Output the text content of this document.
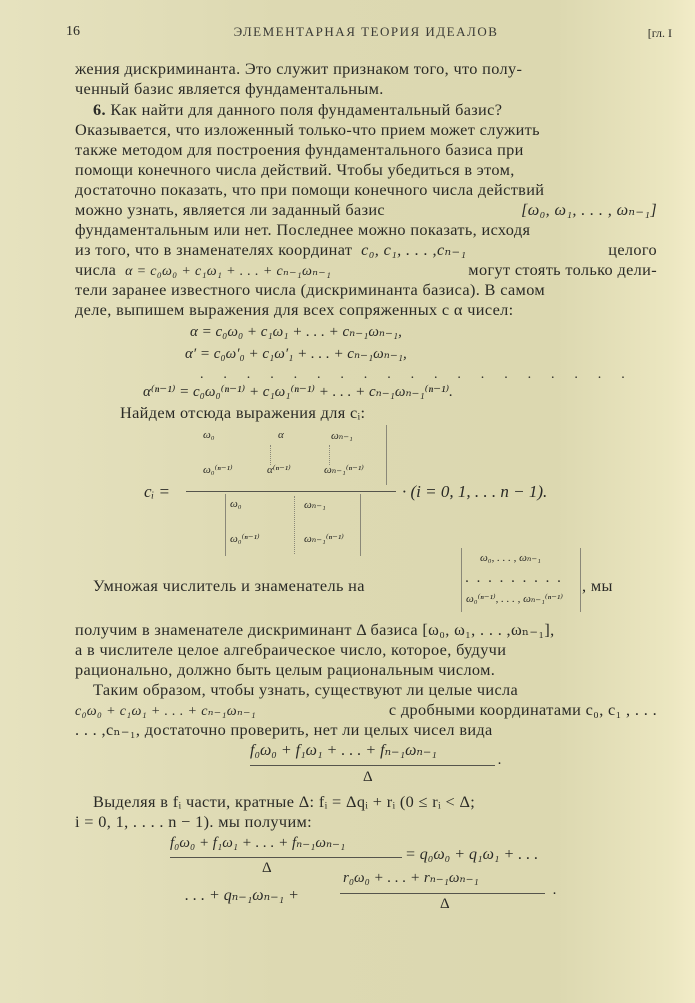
16	ЭЛЕМЕНТАРНАЯ ТЕОРИЯ ИДЕАЛОВ	[гл. I
жения дискриминанта. Это служит признаком того, что полу-
ченный базис является фундаментальным.
6. Как найти для данного поля фундаментальный базис?
Оказывается, что изложенный только-что прием может служить
также методом для построения фундаментального базиса при
помощи конечного числа действий. Чтобы убедиться в этом,
достаточно показать, что при помощи конечного числа действий
можно узнать, является ли заданный базис	[ω₀, ω₁, . . . , ωₙ₋₁]
фундаментальным или нет. Последнее можно показать, исходя
из того, что в знаменателях координат c₀, c₁, . . . ,cₙ₋₁	целого
числа α = c₀ω₀ + c₁ω₁ + . . . + cₙ₋₁ωₙ₋₁	могут стоять только дели-
тели заранее известного числа (дискриминанта базиса). В самом
деле, выпишем выражения для всех сопряженных с α чисел:
α = c₀ω₀ + c₁ω₁ + . . . + cₙ₋₁ωₙ₋₁,
α′ = c₀ω′₀ + c₁ω′₁ + . . . + cₙ₋₁ωₙ₋₁,
. . . . . . . . . . . . . . . . . . .
α⁽ⁿ⁻¹⁾ = c₀ω₀⁽ⁿ⁻¹⁾ + c₁ω₁⁽ⁿ⁻¹⁾ + . . . + cₙ₋₁ωₙ₋₁⁽ⁿ⁻¹⁾.
Найдем отсюда выражения для cᵢ:
cᵢ =
ω₀	α	ωₙ₋₁
ω₀⁽ⁿ⁻¹⁾	α⁽ⁿ⁻¹⁾	ωₙ₋₁⁽ⁿ⁻¹⁾
ω₀	ωₙ₋₁
ω₀⁽ⁿ⁻¹⁾	ωₙ₋₁⁽ⁿ⁻¹⁾
· (i = 0, 1, . . . n − 1).
Умножая числитель и знаменатель на
ω₀, . . . , ωₙ₋₁
. . . . . . . . .
ω₀⁽ⁿ⁻¹⁾, . . . , ωₙ₋₁⁽ⁿ⁻¹⁾
, мы
получим в знаменателе дискриминант Δ базиса [ω₀, ω₁, . . . ,ωₙ₋₁],
а в числителе целое алгебраическое число, которое, будучи
рационально, должно быть целым рациональным числом.
Таким образом, чтобы узнать, существуют ли целые числа
c₀ω₀ + c₁ω₁ + . . . + cₙ₋₁ωₙ₋₁	с дробными координатами c₀, c₁ , . . .
. . . ,cₙ₋₁, достаточно проверить, нет ли целых чисел вида
f₀ω₀ + f₁ω₁ + . . . + fₙ₋₁ωₙ₋₁
Δ
.
Выделяя в fᵢ части, кратные Δ: fᵢ = Δqᵢ + rᵢ (0 ≤ rᵢ < Δ;
i = 0, 1, . . . . n − 1). мы получим:
f₀ω₀ + f₁ω₁ + . . . + fₙ₋₁ωₙ₋₁
Δ
= q₀ω₀ + q₁ω₁ + . . .
. . . + qₙ₋₁ωₙ₋₁ +
r₀ω₀ + . . . + rₙ₋₁ωₙ₋₁
Δ
.
